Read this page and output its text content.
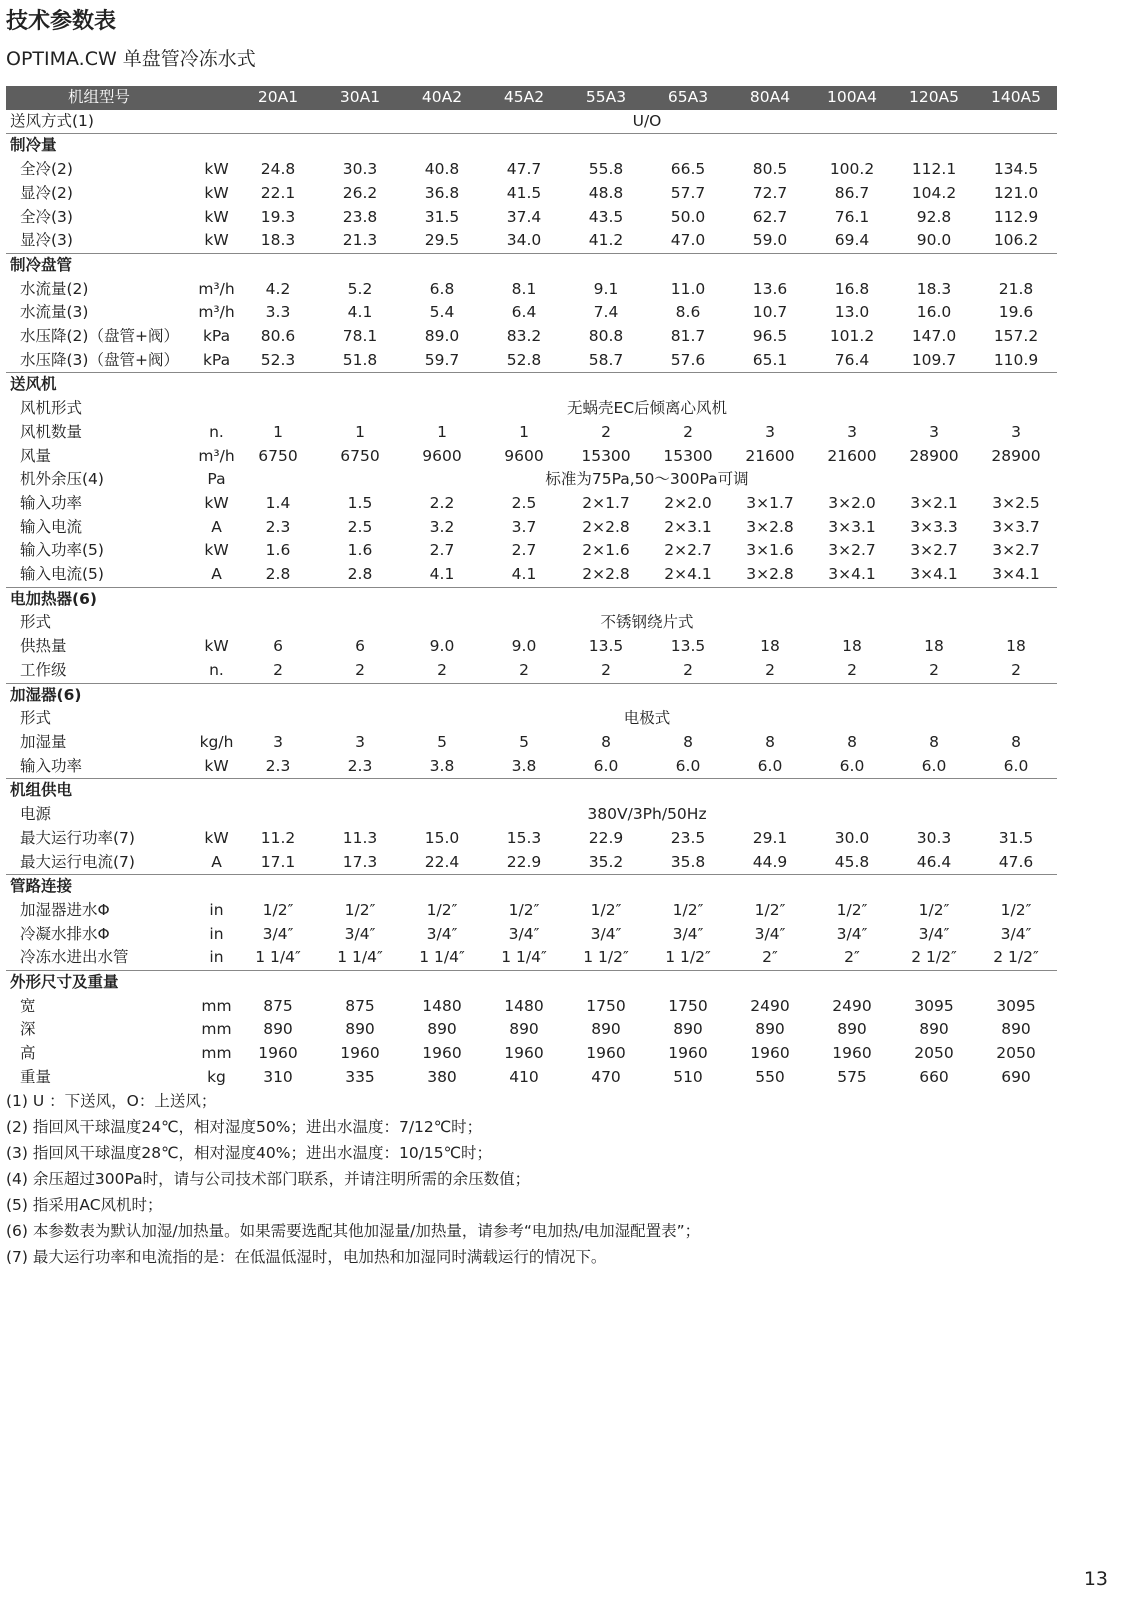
技术参数表
OPTIMA.CW 单盘管冷冻水式
机组型号		20A1	30A1	40A2	45A2	55A3	65A3	80A4	100A4	120A5	140A5
送风方式(1)		U/O									
制冷量											
全冷(2)	kW	24.8	30.3	40.8	47.7	55.8	66.5	80.5	100.2	112.1	134.5
显冷(2)	kW	22.1	26.2	36.8	41.5	48.8	57.7	72.7	86.7	104.2	121.0
全冷(3)	kW	19.3	23.8	31.5	37.4	43.5	50.0	62.7	76.1	92.8	112.9
显冷(3)	kW	18.3	21.3	29.5	34.0	41.2	47.0	59.0	69.4	90.0	106.2
制冷盘管											
水流量(2)	m³/h	4.2	5.2	6.8	8.1	9.1	11.0	13.6	16.8	18.3	21.8
水流量(3)	m³/h	3.3	4.1	5.4	6.4	7.4	8.6	10.7	13.0	16.0	19.6
水压降(2)（盘管+阀）	kPa	80.6	78.1	89.0	83.2	80.8	81.7	96.5	101.2	147.0	157.2
水压降(3)（盘管+阀）	kPa	52.3	51.8	59.7	52.8	58.7	57.6	65.1	76.4	109.7	110.9
送风机											
风机形式		无蜗壳EC后倾离心风机									
风机数量	n.	1	1	1	1	2	2	3	3	3	3
风量	m³/h	6750	6750	9600	9600	15300	15300	21600	21600	28900	28900
机外余压(4)	Pa	标准为75Pa,50～300Pa可调									
输入功率	kW	1.4	1.5	2.2	2.5	2×1.7	2×2.0	3×1.7	3×2.0	3×2.1	3×2.5
输入电流	A	2.3	2.5	3.2	3.7	2×2.8	2×3.1	3×2.8	3×3.1	3×3.3	3×3.7
输入功率(5)	kW	1.6	1.6	2.7	2.7	2×1.6	2×2.7	3×1.6	3×2.7	3×2.7	3×2.7
输入电流(5)	A	2.8	2.8	4.1	4.1	2×2.8	2×4.1	3×2.8	3×4.1	3×4.1	3×4.1
电加热器(6)											
形式		不锈钢绕片式									
供热量	kW	6	6	9.0	9.0	13.5	13.5	18	18	18	18
工作级	n.	2	2	2	2	2	2	2	2	2	2
加湿器(6)											
形式		电极式									
加湿量	kg/h	3	3	5	5	8	8	8	8	8	8
输入功率	kW	2.3	2.3	3.8	3.8	6.0	6.0	6.0	6.0	6.0	6.0
机组供电											
电源		380V/3Ph/50Hz									
最大运行功率(7)	kW	11.2	11.3	15.0	15.3	22.9	23.5	29.1	30.0	30.3	31.5
最大运行电流(7)	A	17.1	17.3	22.4	22.9	35.2	35.8	44.9	45.8	46.4	47.6
管路连接											
加湿器进水Φ	in	1/2″	1/2″	1/2″	1/2″	1/2″	1/2″	1/2″	1/2″	1/2″	1/2″
冷凝水排水Φ	in	3/4″	3/4″	3/4″	3/4″	3/4″	3/4″	3/4″	3/4″	3/4″	3/4″
冷冻水进出水管	in	1 1/4″	1 1/4″	1 1/4″	1 1/4″	1 1/2″	1 1/2″	2″	2″	2 1/2″	2 1/2″
外形尺寸及重量											
宽	mm	875	875	1480	1480	1750	1750	2490	2490	3095	3095
深	mm	890	890	890	890	890	890	890	890	890	890
高	mm	1960	1960	1960	1960	1960	1960	1960	1960	2050	2050
重量	kg	310	335	380	410	470	510	550	575	660	690
(1) U ：下送风，O：上送风；
(2) 指回风干球温度24℃，相对湿度50%；进出水温度：7/12℃时；
(3) 指回风干球温度28℃，相对湿度40%；进出水温度：10/15℃时；
(4) 余压超过300Pa时，请与公司技术部门联系，并请注明所需的余压数值；
(5) 指采用AC风机时；
(6) 本参数表为默认加湿/加热量。如果需要选配其他加湿量/加热量，请参考“电加热/电加湿配置表”；
(7) 最大运行功率和电流指的是：在低温低湿时，电加热和加湿同时满载运行的情况下。
13
